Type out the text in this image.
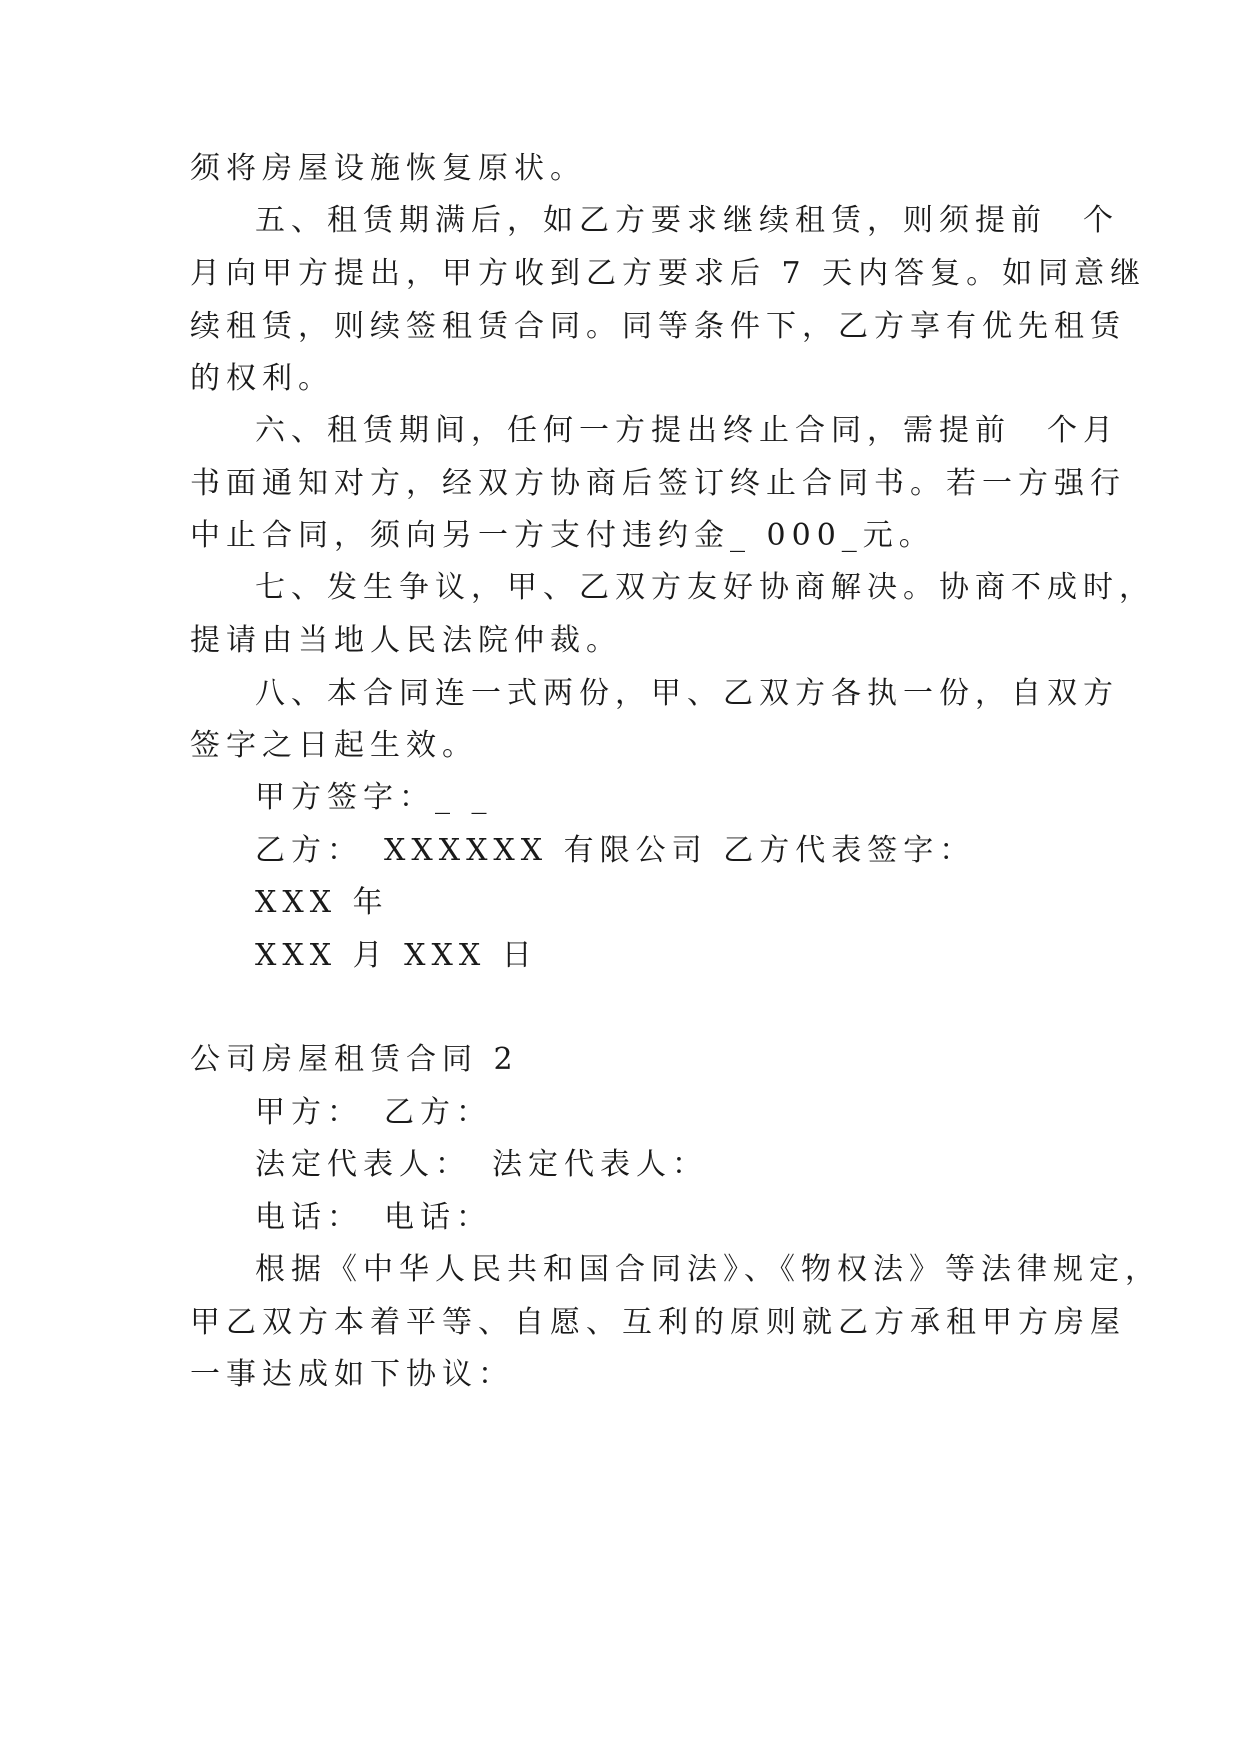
须将房屋设施恢复原状。
五、租赁期满后，如乙方要求继续租赁，则须提前　个
月向甲方提出，甲方收到乙方要求后 7 天内答复。如同意继
续租赁，则续签租赁合同。同等条件下，乙方享有优先租赁
的权利。
六、租赁期间，任何一方提出终止合同，需提前　个月
书面通知对方，经双方协商后签订终止合同书。若一方强行
中止合同，须向另一方支付违约金_ 000_元。
七、发生争议，甲、乙双方友好协商解决。协商不成时，
提请由当地人民法院仲裁。
八、本合同连一式两份，甲、乙双方各执一份，自双方
签字之日起生效。
甲方签字：_ _
乙方：　XXXXXX 有限公司 乙方代表签字：
XXX 年
XXX 月 XXX 日
公司房屋租赁合同 2
甲方：　乙方：
法定代表人：　法定代表人：
电话：　电话：
根据《中华人民共和国合同法》、《物权法》等法律规定，
甲乙双方本着平等、自愿、互利的原则就乙方承租甲方房屋
一事达成如下协议：
